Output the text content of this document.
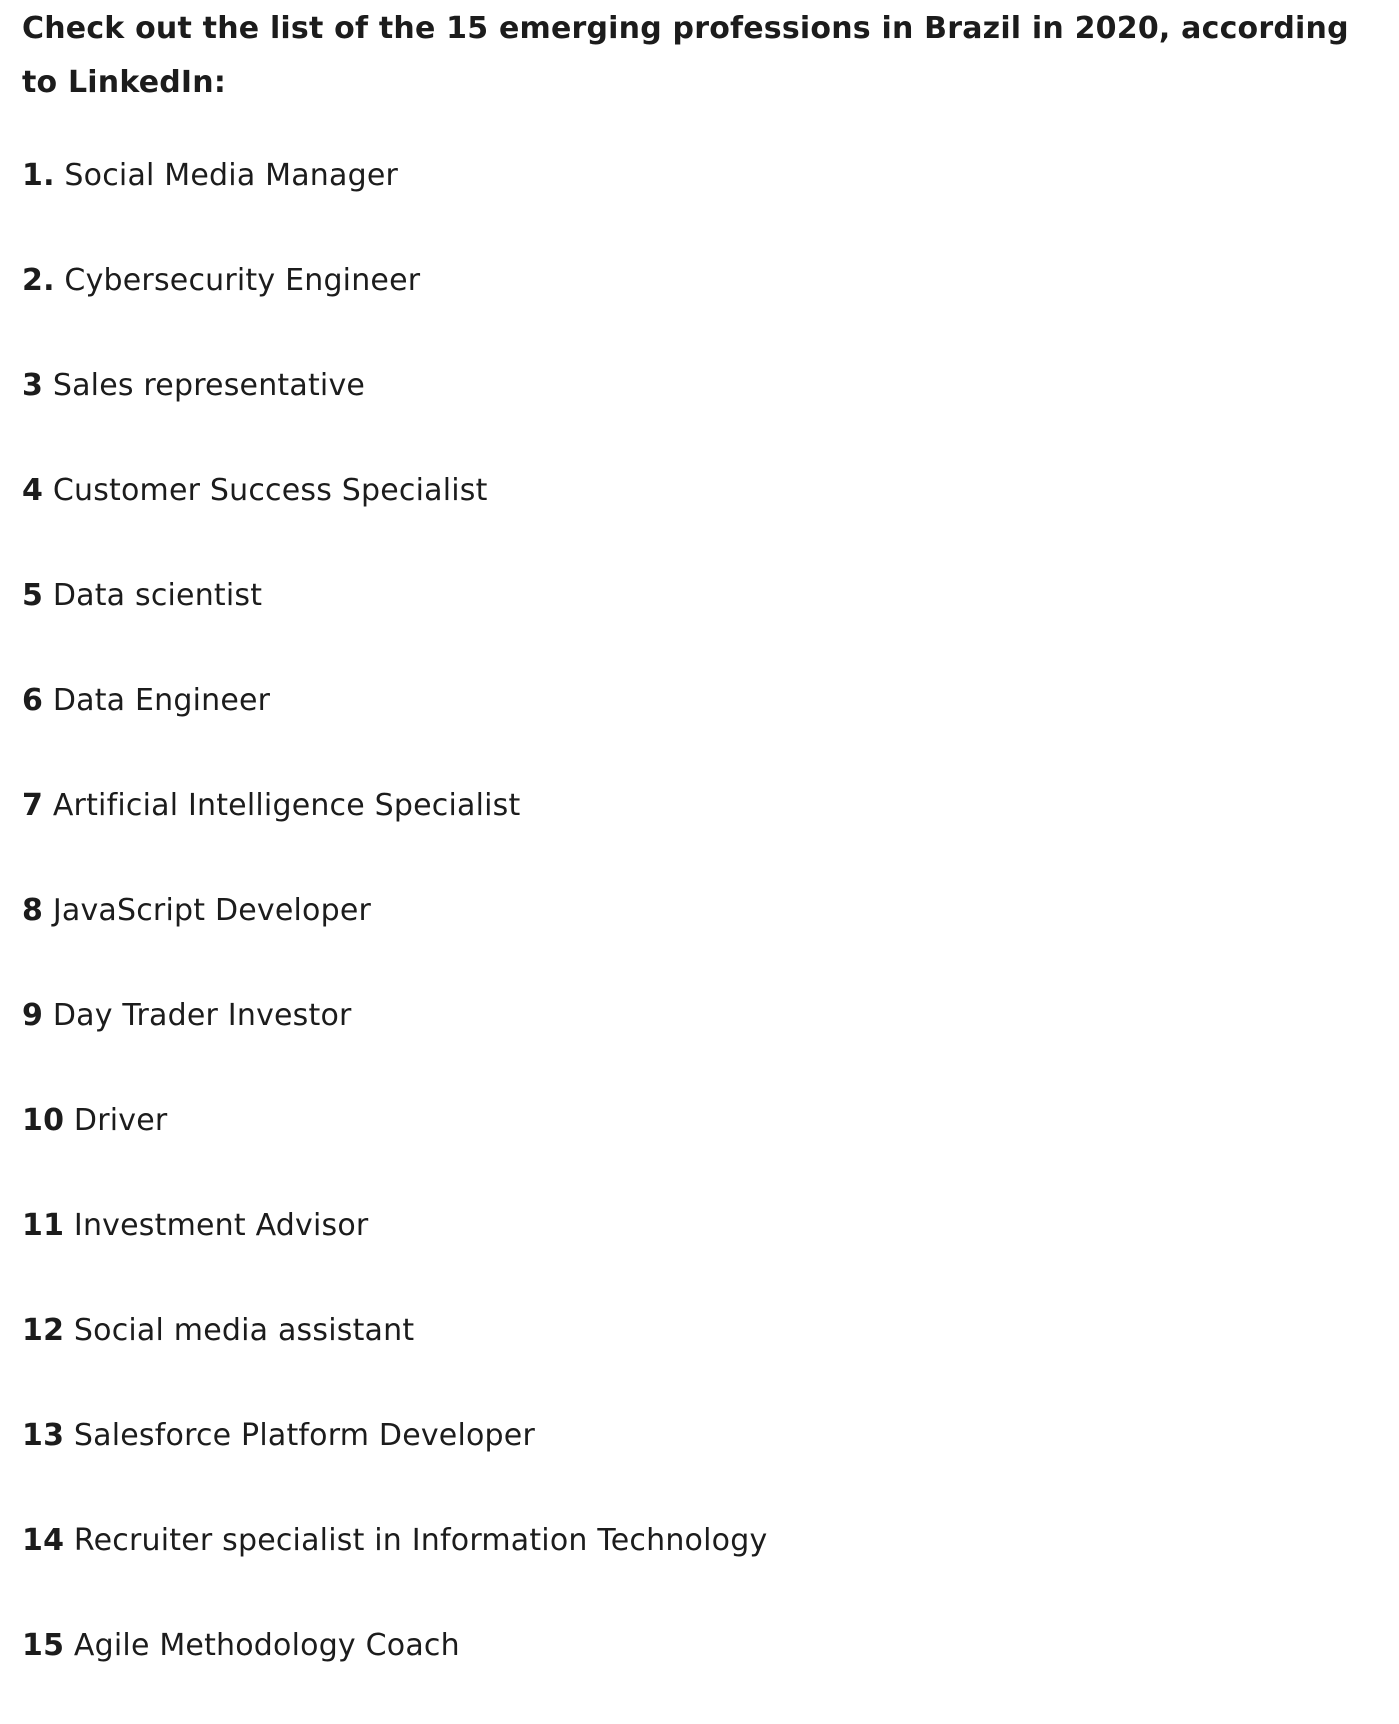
Check out the list of the 15 emerging professions in Brazil in 2020, according to LinkedIn:

1. Social Media Manager
2. Cybersecurity Engineer
3 Sales representative
4 Customer Success Specialist
5 Data scientist
6 Data Engineer
7 Artificial Intelligence Specialist
8 JavaScript Developer
9 Day Trader Investor
10 Driver
11 Investment Advisor
12 Social media assistant
13 Salesforce Platform Developer
14 Recruiter specialist in Information Technology
15 Agile Methodology Coach
